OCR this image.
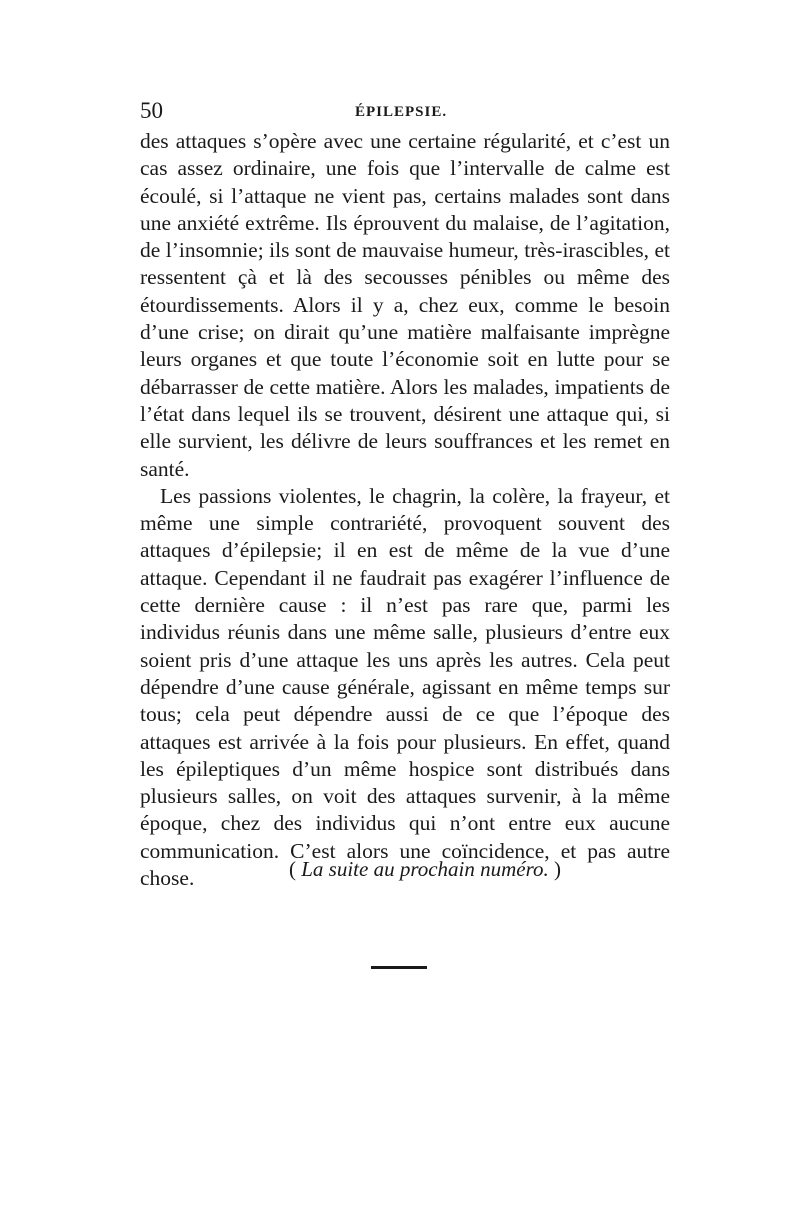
50	ÉPILEPSIE.

des attaques s’opère avec une certaine régularité, et c’est un cas assez ordinaire, une fois que l’intervalle de calme est écoulé, si l’attaque ne vient pas, certains malades sont dans une anxiété extrême. Ils éprouvent du malaise, de l’agitation, de l’insomnie; ils sont de mauvaise humeur, très-irascibles, et ressentent çà et là des secousses pénibles ou même des étourdissements. Alors il y a, chez eux, comme le besoin d’une crise; on dirait qu’une matière malfaisante imprègne leurs organes et que toute l’économie soit en lutte pour se débarrasser de cette matière. Alors les malades, impatients de l’état dans lequel ils se trouvent, désirent une attaque qui, si elle survient, les délivre de leurs souffrances et les remet en santé.

Les passions violentes, le chagrin, la colère, la frayeur, et même une simple contrariété, provoquent souvent des attaques d’épilepsie; il en est de même de la vue d’une attaque. Cependant il ne faudrait pas exagérer l’influence de cette dernière cause : il n’est pas rare que, parmi les individus réunis dans une même salle, plusieurs d’entre eux soient pris d’une attaque les uns après les autres. Cela peut dépendre d’une cause générale, agissant en même temps sur tous; cela peut dépendre aussi de ce que l’époque des attaques est arrivée à la fois pour plusieurs. En effet, quand les épileptiques d’un même hospice sont distribués dans plusieurs salles, on voit des attaques survenir, à la même époque, chez des individus qui n’ont entre eux aucune communication. C’est alors une coïncidence, et pas autre chose.	( La suite au prochain numéro. )
